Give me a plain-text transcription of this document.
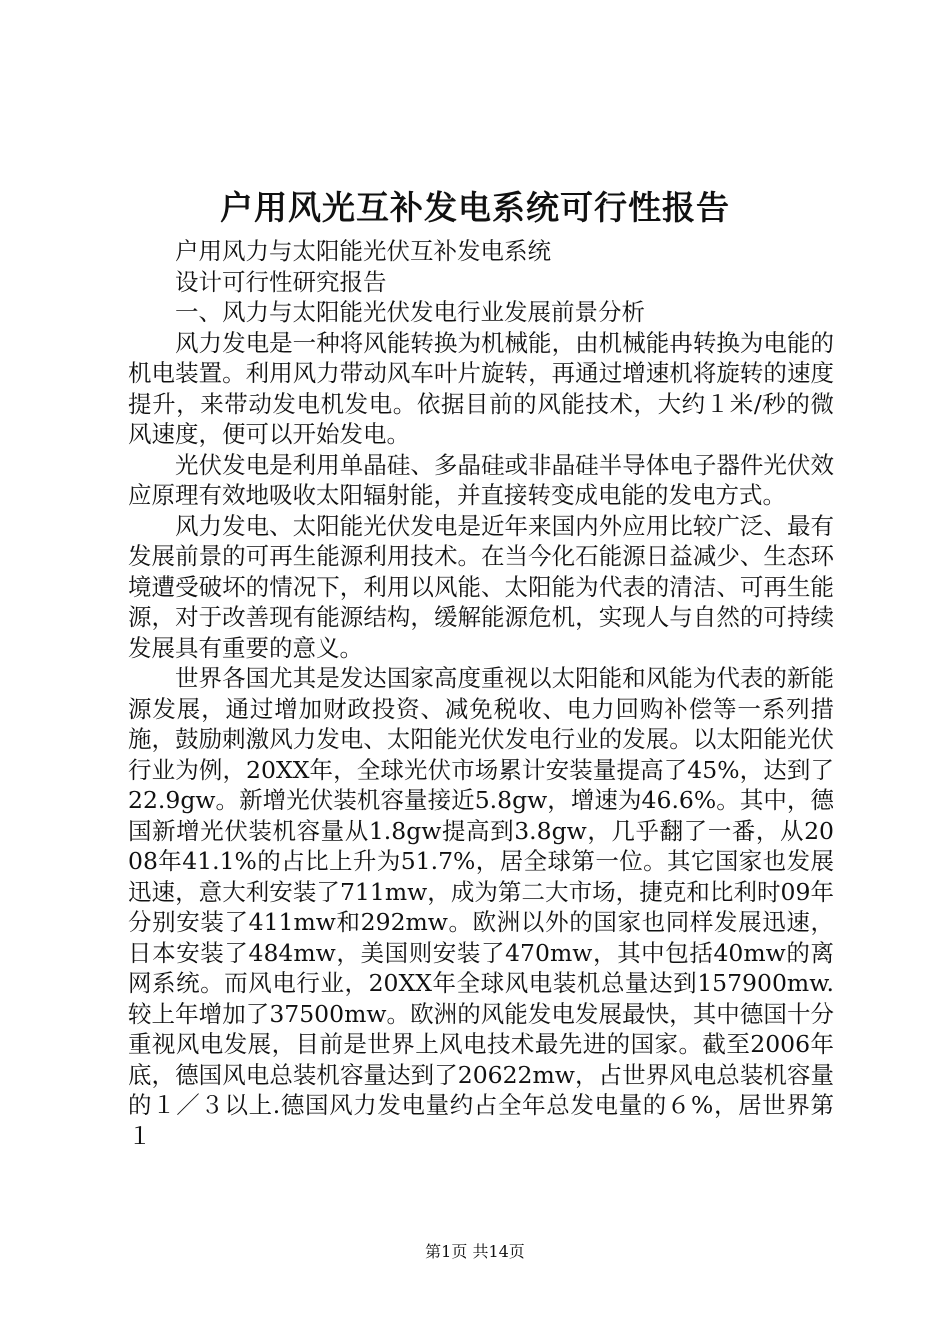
户用风光互补发电系统可行性报告

户用风力与太阳能光伏互补发电系统

设计可行性研究报告

一、风力与太阳能光伏发电行业发展前景分析

风力发电是一种将风能转换为机械能，由机械能冉转换为电能的机电装置。利用风力带动风车叶片旋转，再通过增速机将旋转的速度提升，来带动发电机发电。依据目前的风能技术，大约１米/秒的微风速度，便可以开始发电。

光伏发电是利用单晶硅、多晶硅或非晶硅半导体电子器件光伏效应原理有效地吸收太阳辐射能，并直接转变成电能的发电方式。

风力发电、太阳能光伏发电是近年来国内外应用比较广泛、最有发展前景的可再生能源利用技术。在当今化石能源日益减少、生态环境遭受破坏的情况下，利用以风能、太阳能为代表的清洁、可再生能源，对于改善现有能源结构，缓解能源危机，实现人与自然的可持续发展具有重要的意义。

世界各国尤其是发达国家高度重视以太阳能和风能为代表的新能源发展，通过增加财政投资、减免税收、电力回购补偿等一系列措施，鼓励刺激风力发电、太阳能光伏发电行业的发展。以太阳能光伏行业为例，20XX年，全球光伏市场累计安装量提高了45%，达到了22.9gw。新增光伏装机容量接近5.8gw，增速为46.6%。其中，德国新增光伏装机容量从1.8gw提高到3.8gw，几乎翻了一番，从2008年41.1%的占比上升为51.7%，居全球第一位。其它国家也发展迅速，意大利安装了711mw，成为第二大市场，捷克和比利时09年分别安装了411mw和292mw。欧洲以外的国家也同样发展迅速，日本安装了484mw，美国则安装了470mw，其中包括40mw的离网系统。而风电行业，20XX年全球风电装机总量达到157900mw.较上年增加了37500mw。欧洲的风能发电发展最快，其中德国十分重视风电发展，目前是世界上风电技术最先进的国家。截至2006年底，德国风电总装机容量达到了20622mw，占世界风电总装机容量的１／３以上.德国风力发电量约占全年总发电量的６%，居世界第１

第1页 共14页
